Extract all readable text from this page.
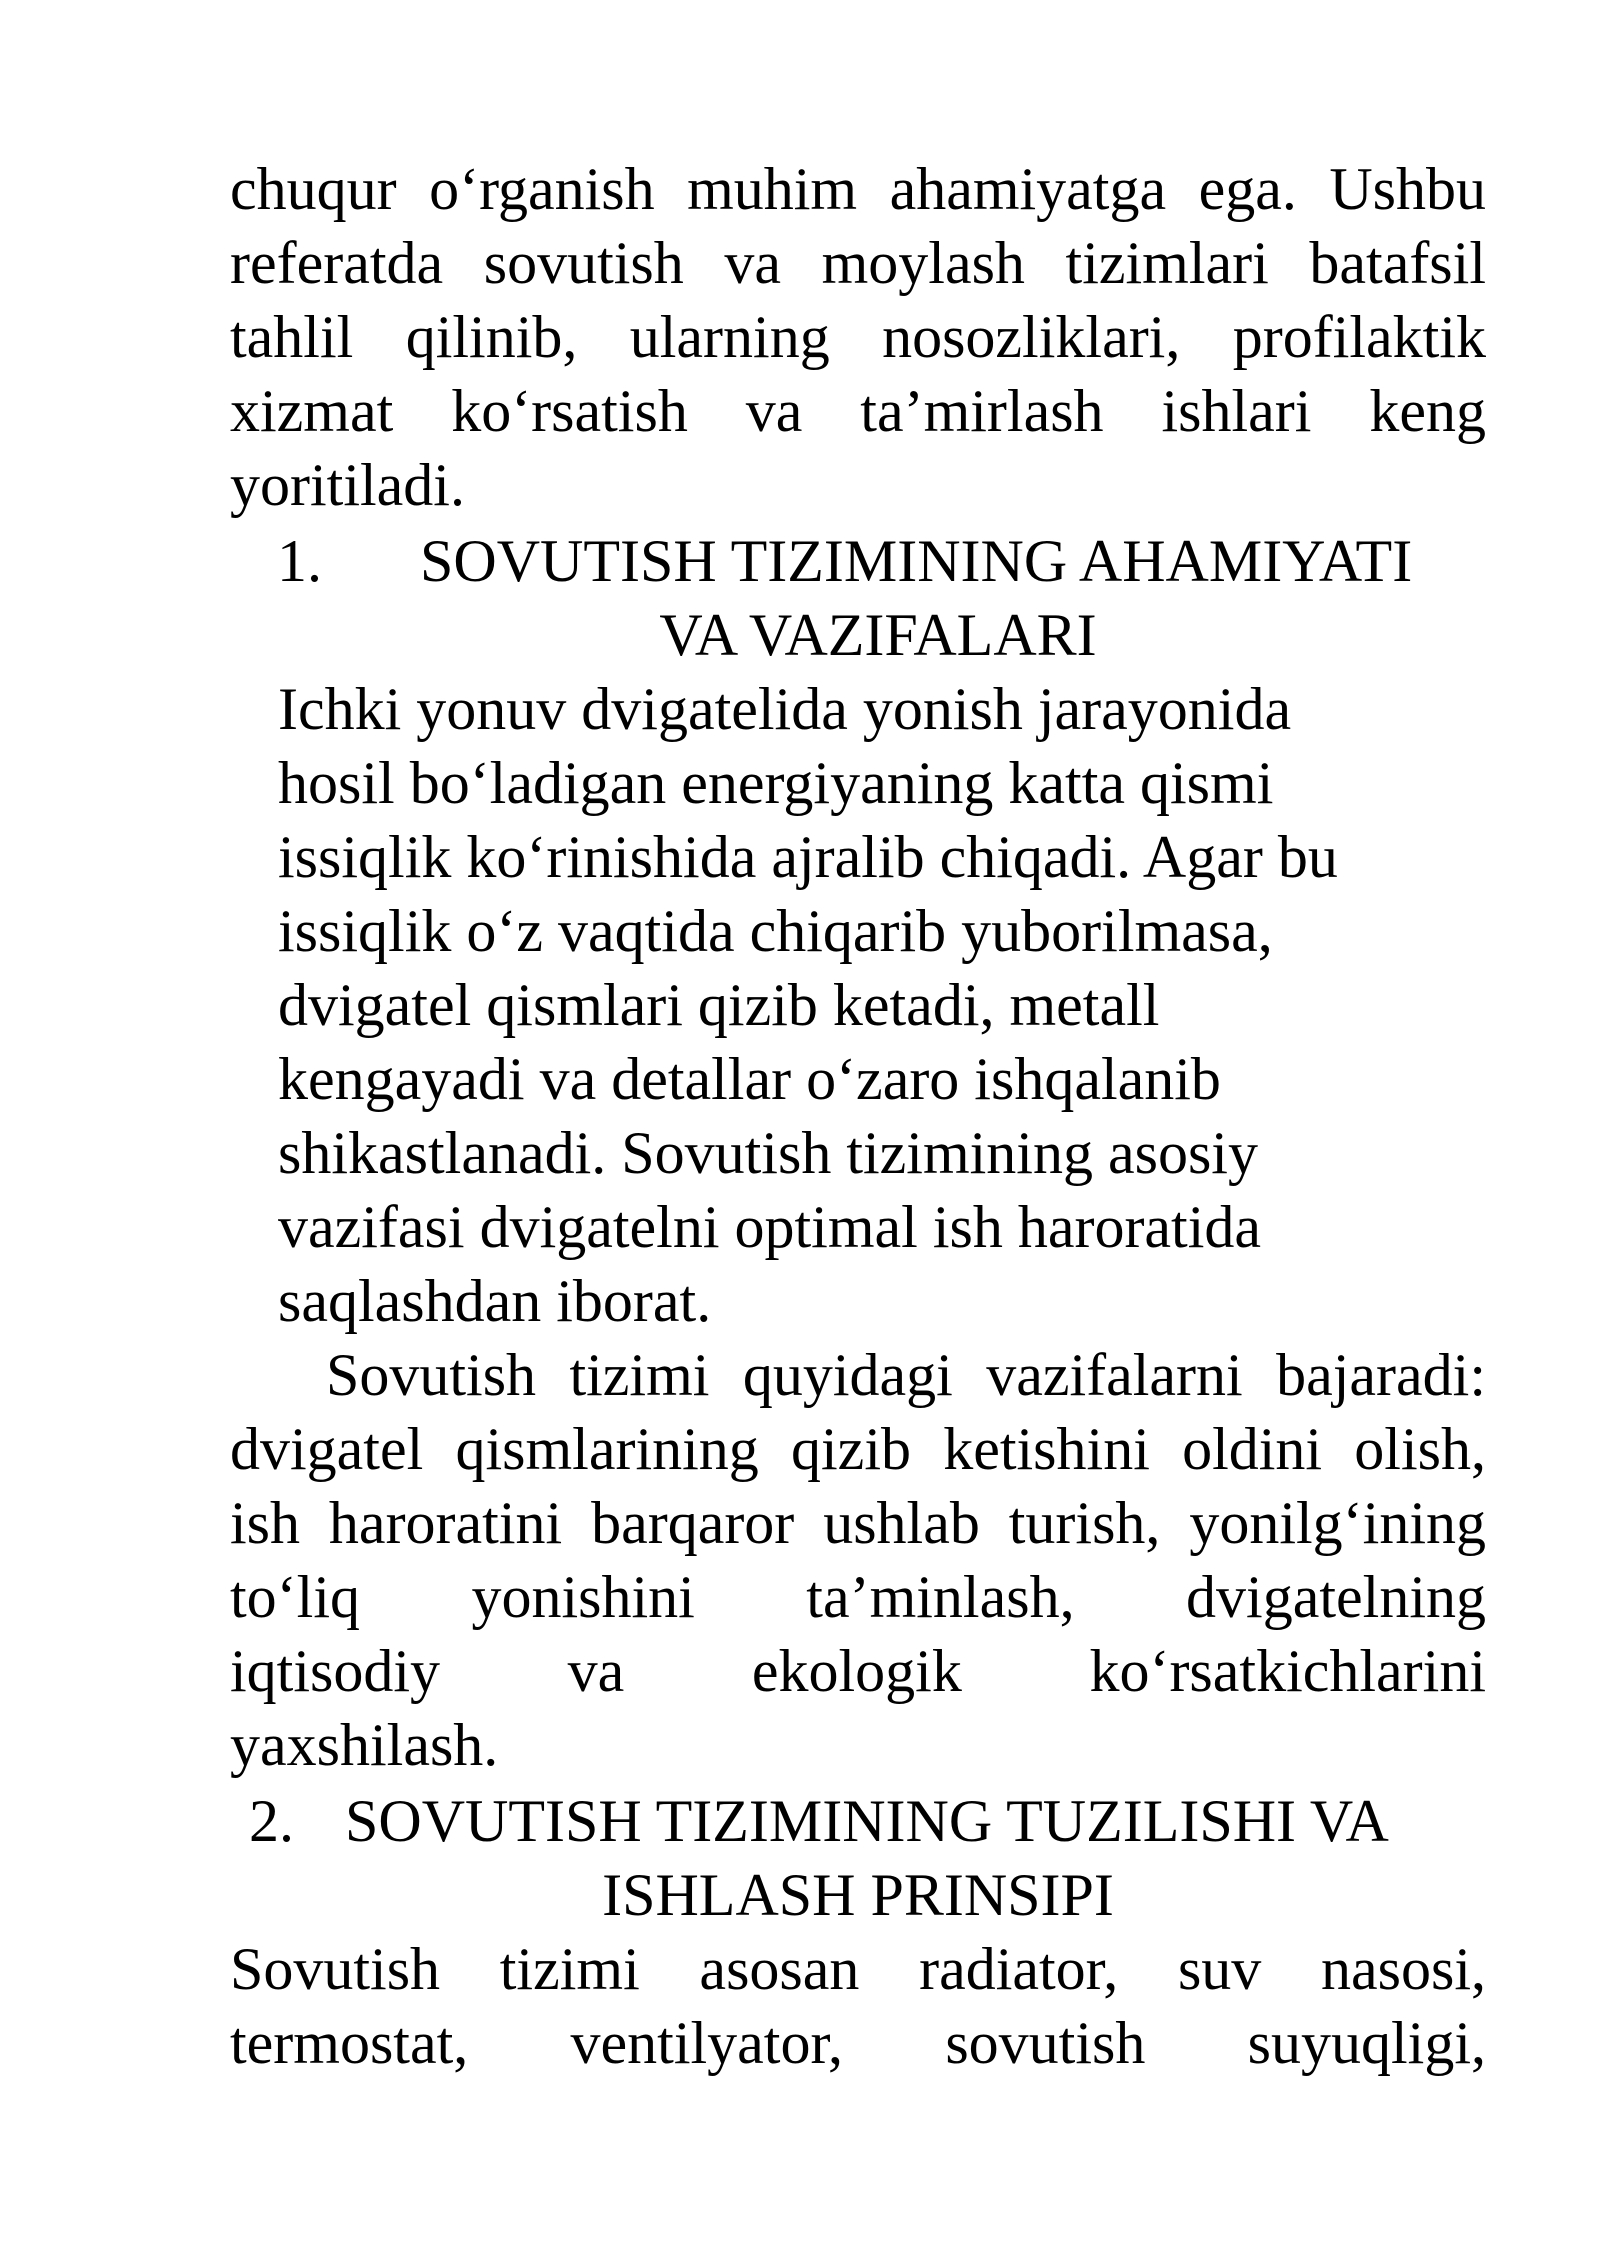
chuqur o‘rganish muhim ahamiyatga ega. Ushbu

referatda sovutish va moylash tizimlari batafsil

tahlil qilinib, ularning nosozliklari, profilaktik

xizmat ko‘rsatish va ta’mirlash ishlari keng

yoritiladi.

1. SOVUTISH TIZIMINING AHAMIYATI

VA VAZIFALARI

Ichki yonuv dvigatelida yonish jarayonida

hosil bo‘ladigan energiyaning katta qismi

issiqlik ko‘rinishida ajralib chiqadi. Agar bu

issiqlik o‘z vaqtida chiqarib yuborilmasa,

dvigatel qismlari qizib ketadi, metall

kengayadi va detallar o‘zaro ishqalanib

shikastlanadi. Sovutish tizimining asosiy

vazifasi dvigatelni optimal ish haroratida

saqlashdan iborat.

Sovutish tizimi quyidagi vazifalarni bajaradi:

dvigatel qismlarining qizib ketishini oldini olish,

ish haroratini barqaror ushlab turish, yonilg‘ining

to‘liq yonishini ta’minlash, dvigatelning

iqtisodiy va ekologik ko‘rsatkichlarini

yaxshilash.

2. SOVUTISH TIZIMINING TUZILISHI VA

ISHLASH PRINSIPI

Sovutish tizimi asosan radiator, suv nasosi,

termostat, ventilyator, sovutish suyuqligi,
